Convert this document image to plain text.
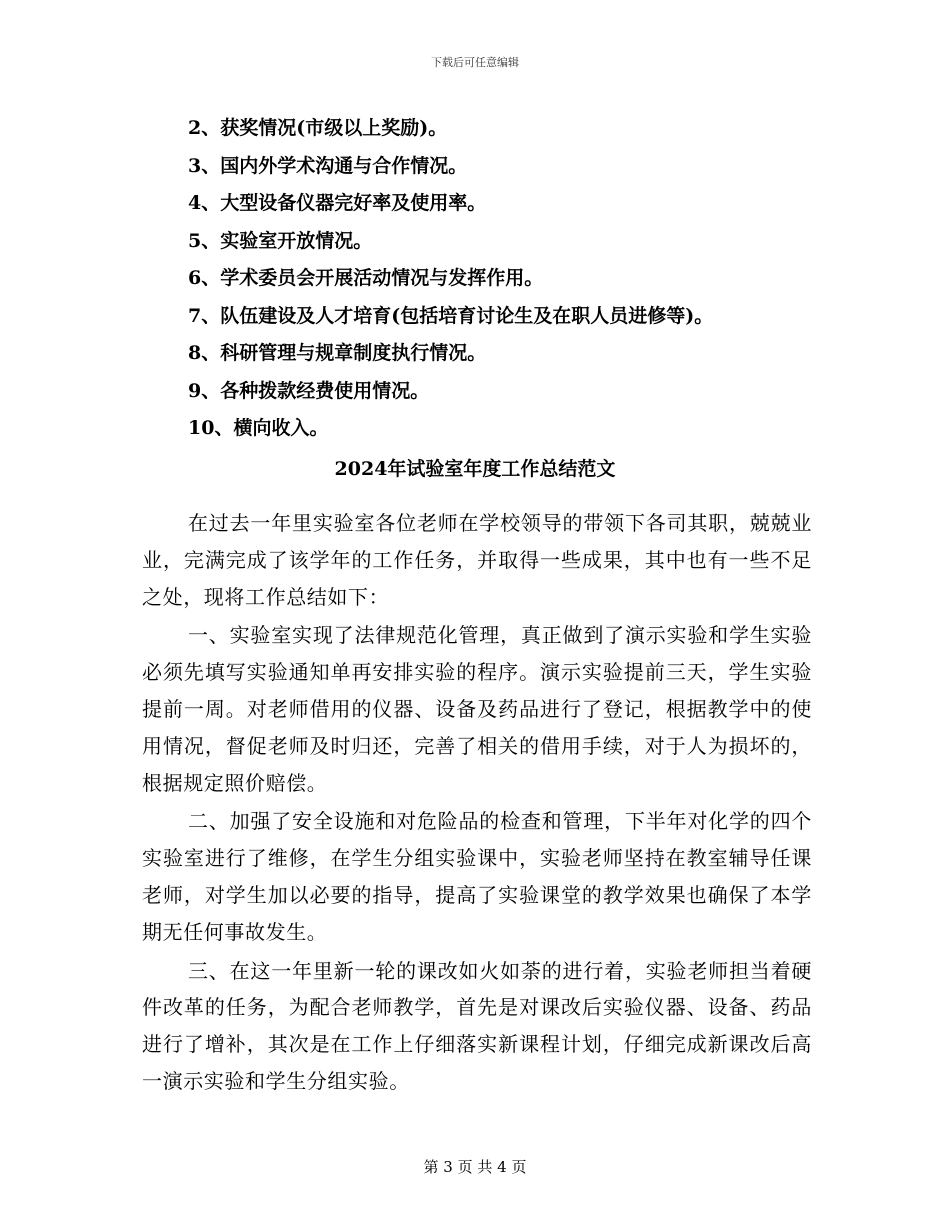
下载后可任意编辑
2、获奖情况(市级以上奖励)。
3、国内外学术沟通与合作情况。
4、大型设备仪器完好率及使用率。
5、实验室开放情况。
6、学术委员会开展活动情况与发挥作用。
7、队伍建设及人才培育(包括培育讨论生及在职人员进修等)。
8、科研管理与规章制度执行情况。
9、各种拨款经费使用情况。
10、横向收入。
2024年试验室年度工作总结范文

在过去一年里实验室各位老师在学校领导的带领下各司其职，兢兢业业，完满完成了该学年的工作任务，并取得一些成果，其中也有一些不足之处，现将工作总结如下：

一、实验室实现了法律规范化管理，真正做到了演示实验和学生实验必须先填写实验通知单再安排实验的程序。演示实验提前三天，学生实验提前一周。对老师借用的仪器、设备及药品进行了登记，根据教学中的使用情况，督促老师及时归还，完善了相关的借用手续，对于人为损坏的，根据规定照价赔偿。

二、加强了安全设施和对危险品的检查和管理，下半年对化学的四个实验室进行了维修，在学生分组实验课中，实验老师坚持在教室辅导任课老师，对学生加以必要的指导，提高了实验课堂的教学效果也确保了本学期无任何事故发生。

三、在这一年里新一轮的课改如火如荼的进行着，实验老师担当着硬件改革的任务，为配合老师教学，首先是对课改后实验仪器、设备、药品进行了增补，其次是在工作上仔细落实新课程计划，仔细完成新课改后高一演示实验和学生分组实验。

第 3 页 共 4 页
